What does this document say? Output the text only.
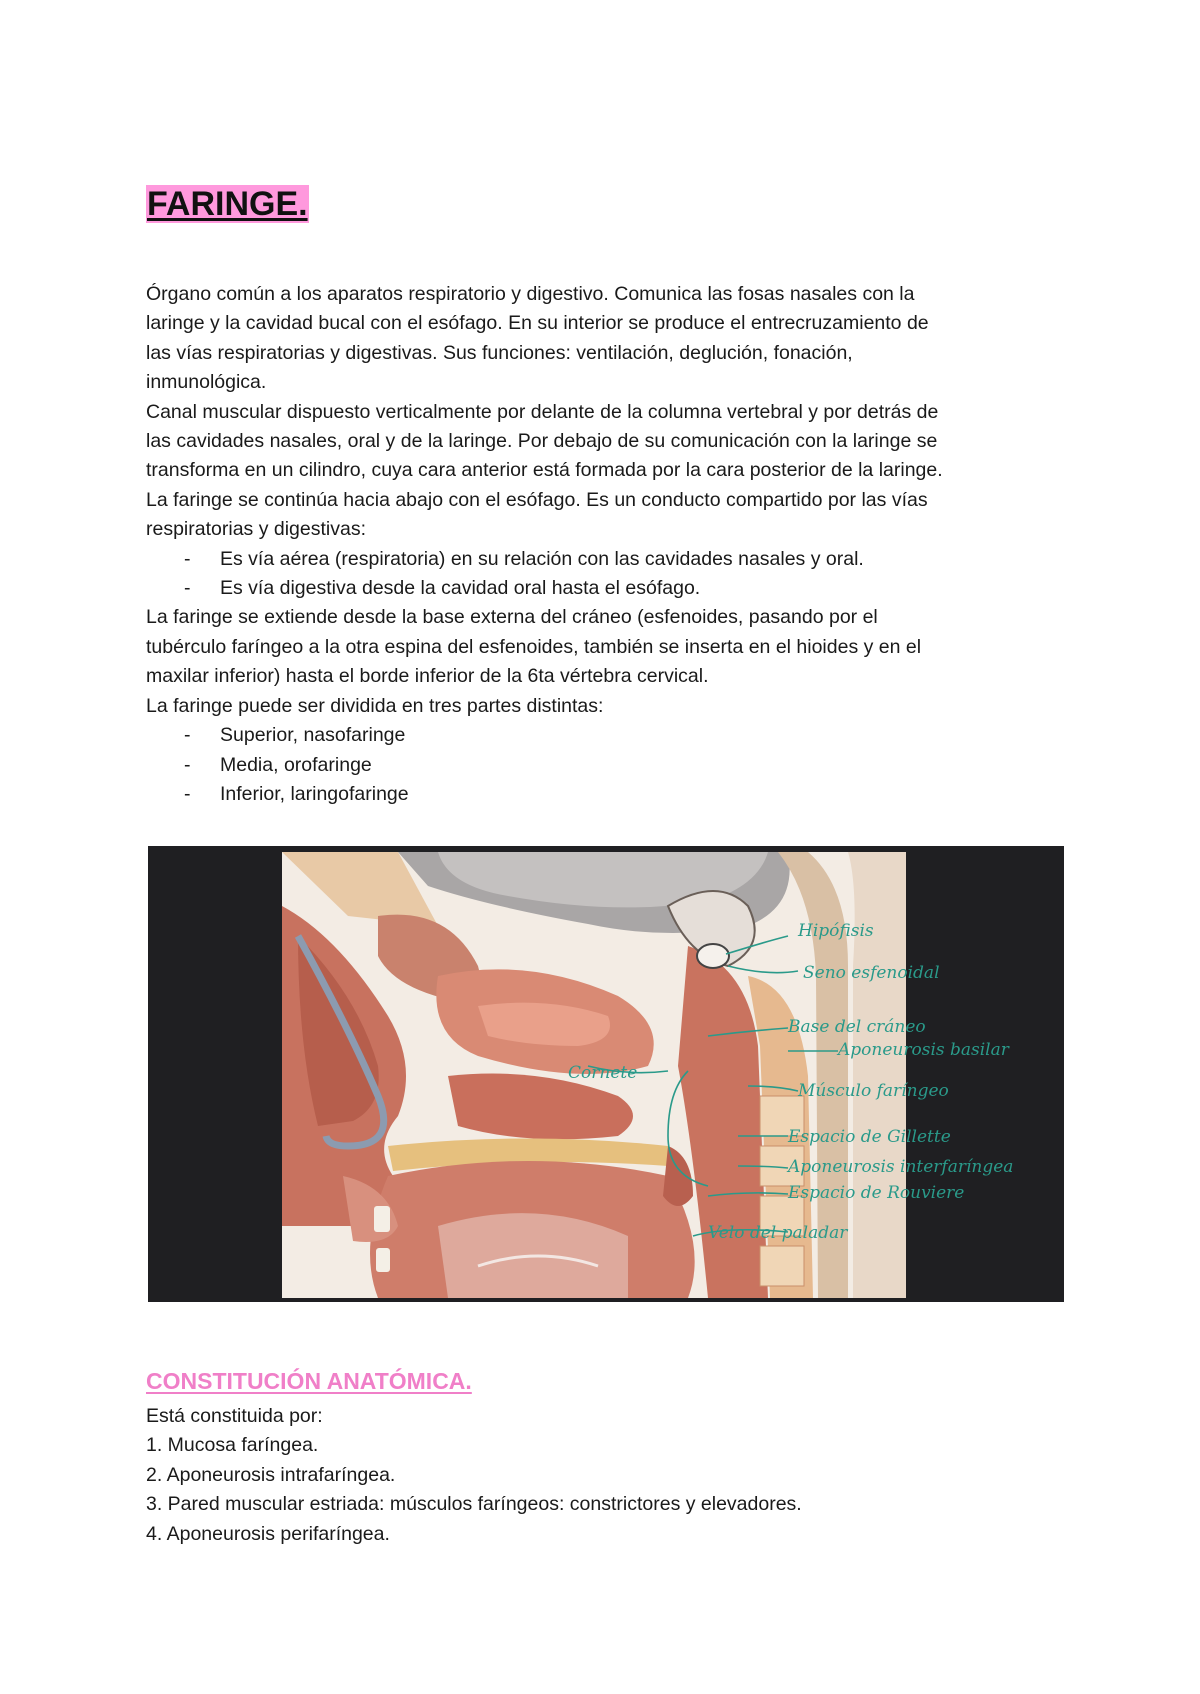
FARINGE.

Órgano común a los aparatos respiratorio y digestivo. Comunica las fosas nasales con la

laringe y la cavidad bucal con el esófago. En su interior se produce el entrecruzamiento de

las vías respiratorias y digestivas. Sus funciones: ventilación, deglución, fonación,

inmunológica.

Canal muscular dispuesto verticalmente por delante de la columna vertebral y por detrás de

las cavidades nasales, oral y de la laringe. Por debajo de su comunicación con la laringe se

transforma en un cilindro, cuya cara anterior está formada por la cara posterior de la laringe.

La faringe se continúa hacia abajo con el esófago. Es un conducto compartido por las vías

respiratorias y digestivas:

- Es vía aérea (respiratoria) en su relación con las cavidades nasales y oral.

- Es vía digestiva desde la cavidad oral hasta el esófago.

La faringe se extiende desde la base externa del cráneo (esfenoides, pasando por el

tubérculo faríngeo a la otra espina del esfenoides, también se inserta en el hioides y en el

maxilar inferior) hasta el borde inferior de la 6ta vértebra cervical.

La faringe puede ser dividida en tres partes distintas:

- Superior, nasofaringe

- Media, orofaringe

- Inferior, laringofaringe

Hipófisis
Seno esfenoidal
Base del cráneo
Aponeurosis basilar
Cornete
Músculo faríngeo
Espacio de Gillette
Aponeurosis interfaríngea
Espacio de Rouviere
Velo del paladar
CONSTITUCIÓN ANATÓMICA.

Está constituida por:

1. Mucosa faríngea.

2. Aponeurosis intrafaríngea.

3. Pared muscular estriada: músculos faríngeos: constrictores y elevadores.

4. Aponeurosis perifaríngea.
